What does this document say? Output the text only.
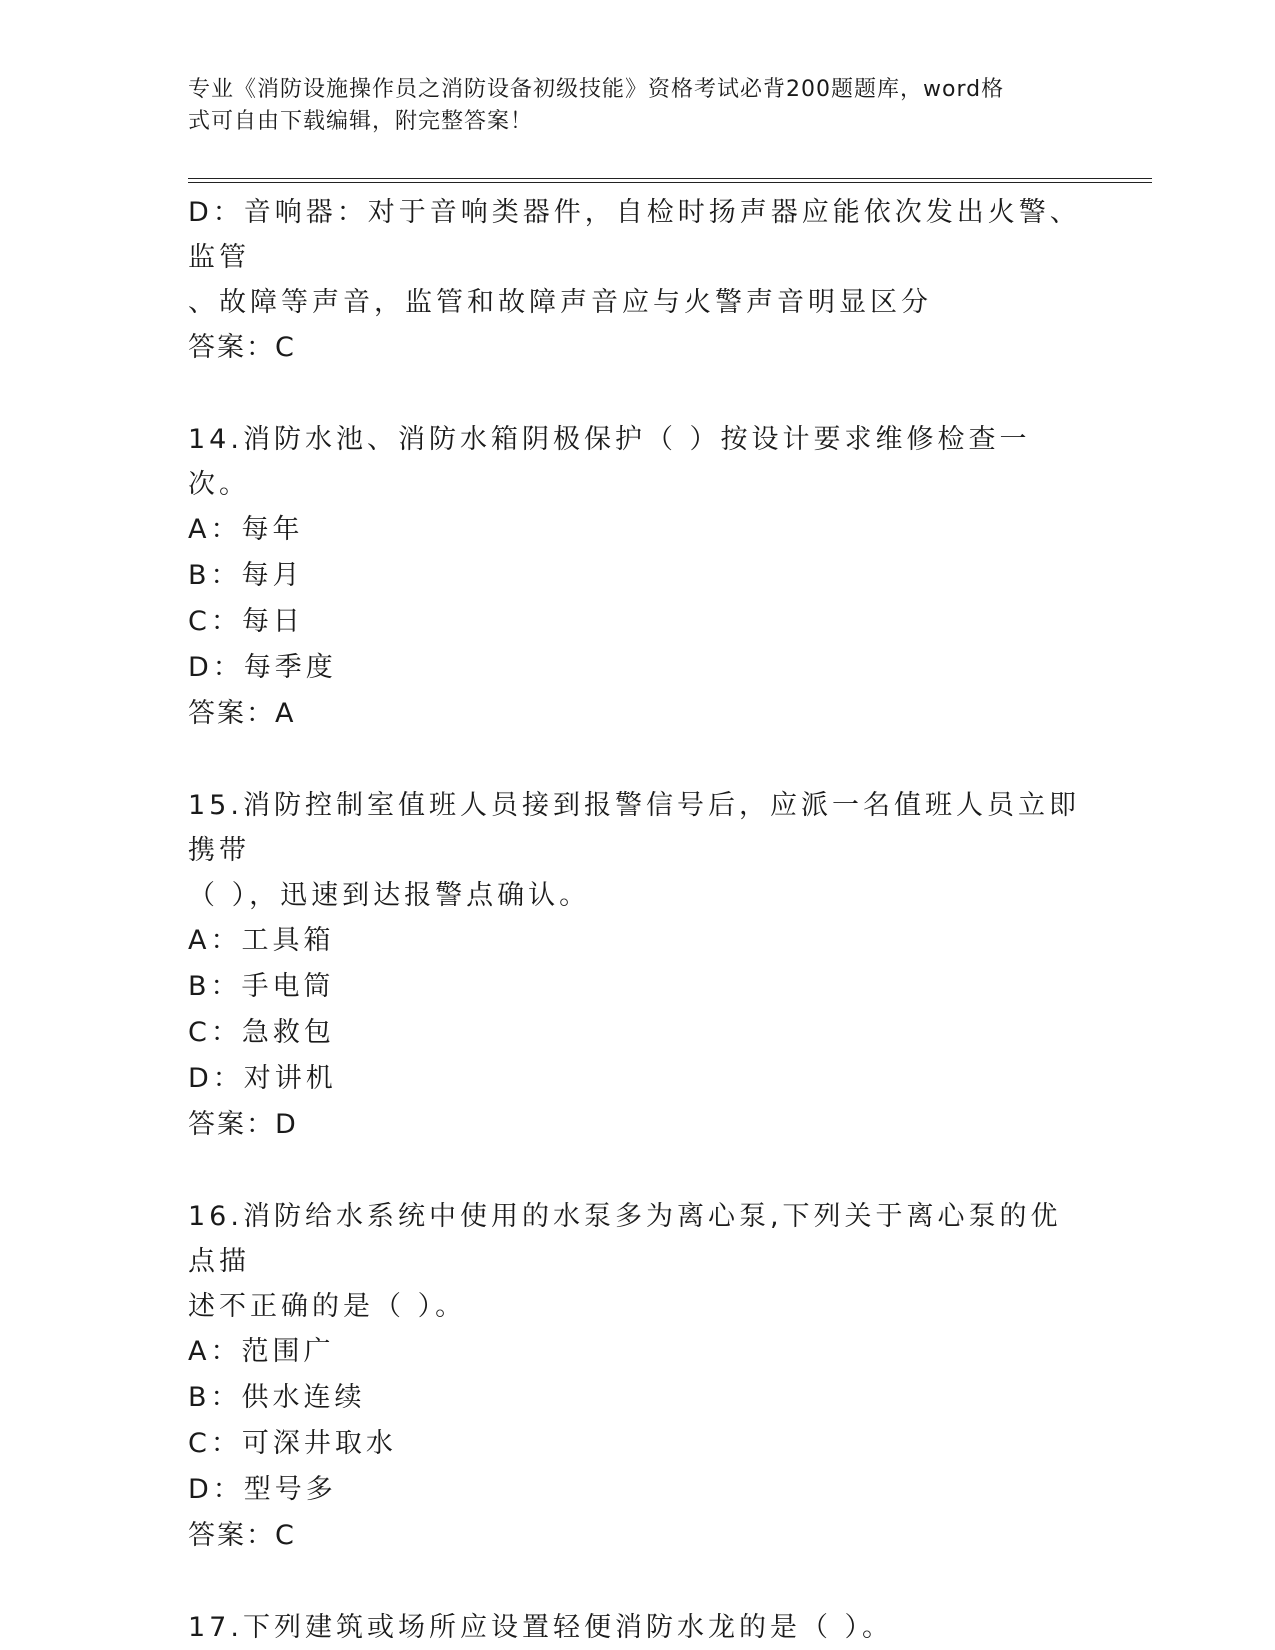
专业《消防设施操作员之消防设备初级技能》资格考试必背200题题库，word格
式可自由下载编辑，附完整答案！
D：音响器：对于音响类器件，自检时扬声器应能依次发出火警、监管
、故障等声音，监管和故障声音应与火警声音明显区分
答案：C
14.消防水池、消防水箱阴极保护（ ）按设计要求维修检查一次。
A：每年
B：每月
C：每日
D：每季度
答案：A
15.消防控制室值班人员接到报警信号后，应派一名值班人员立即携带
（ ），迅速到达报警点确认。
A：工具箱
B：手电筒
C：急救包
D：对讲机
答案：D
16.消防给水系统中使用的水泵多为离心泵,下列关于离心泵的优点描
述不正确的是（ ）。
A：范围广
B：供水连续
C：可深井取水
D：型号多
答案：C
17.下列建筑或场所应设置轻便消防水龙的是（ ）。
